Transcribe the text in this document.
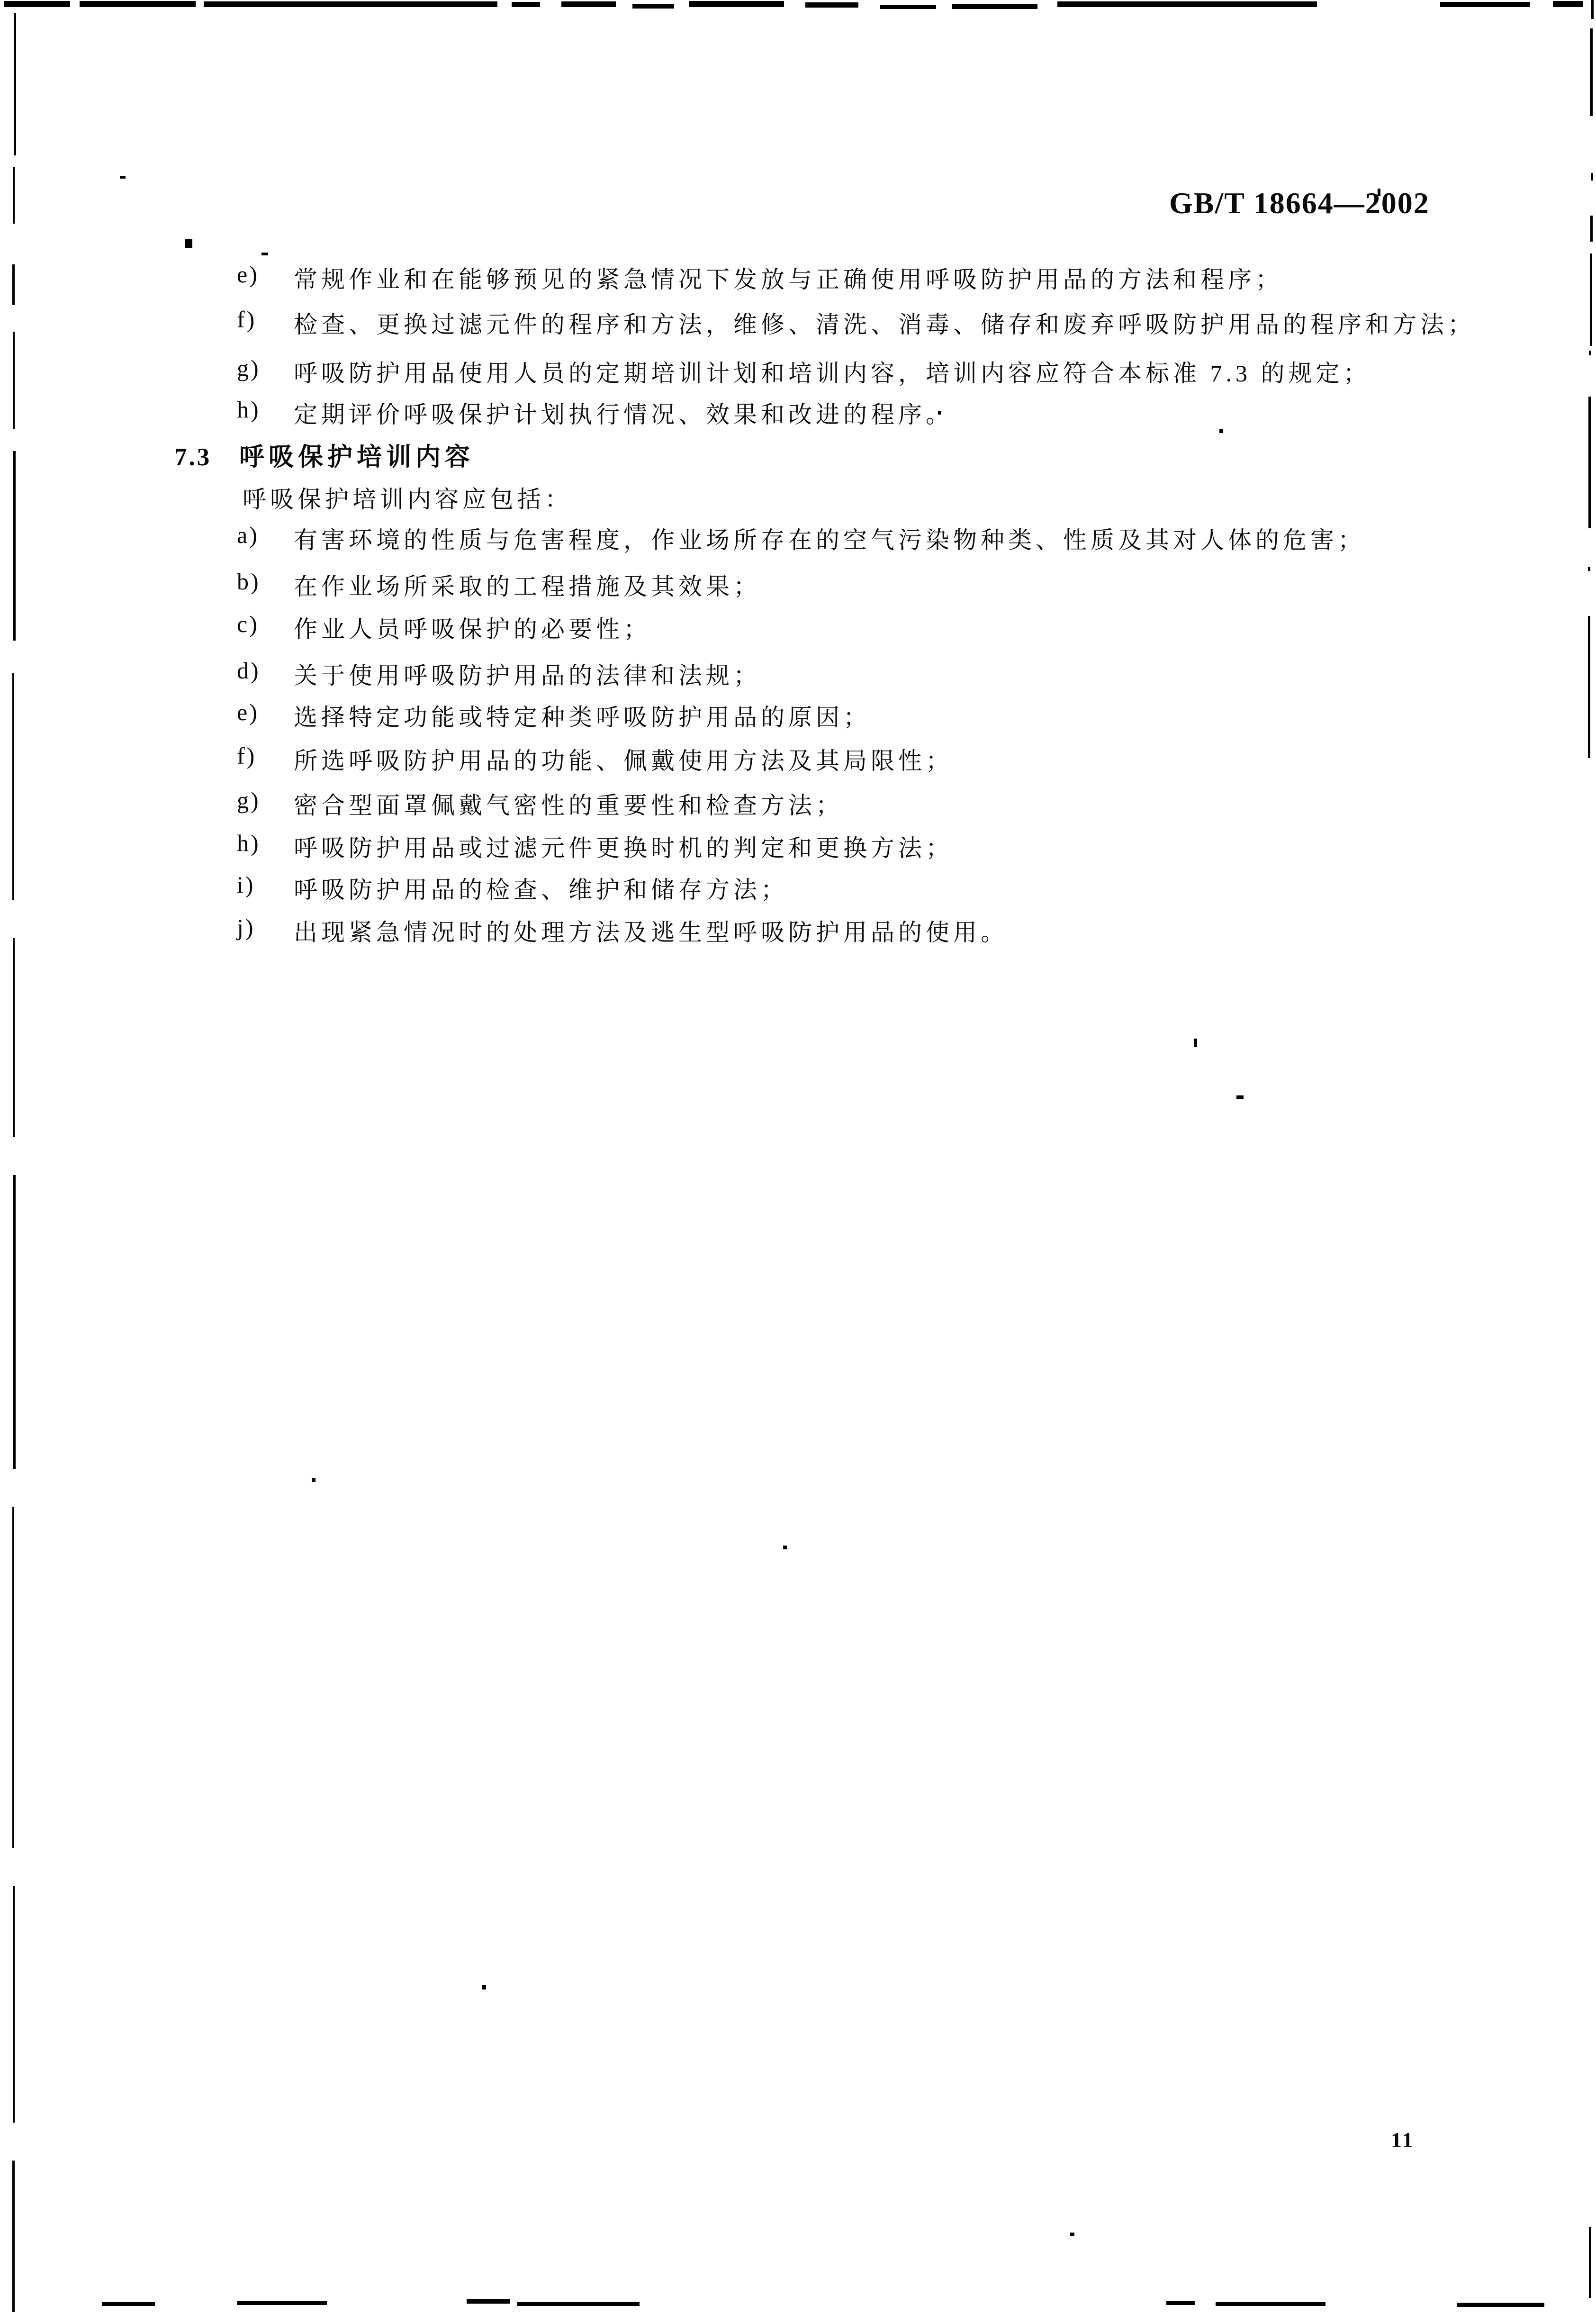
GB/T 18664—2002
e)	常规作业和在能够预见的紧急情况下发放与正确使用呼吸防护用品的方法和程序；
f)	检查、更换过滤元件的程序和方法，维修、清洗、消毒、储存和废弃呼吸防护用品的程序和方法；
g)	呼吸防护用品使用人员的定期培训计划和培训内容，培训内容应符合本标准 7.3 的规定；
h)	定期评价呼吸保护计划执行情况、效果和改进的程序。
7.3 呼吸保护培训内容
呼吸保护培训内容应包括：
a)	有害环境的性质与危害程度，作业场所存在的空气污染物种类、性质及其对人体的危害；
b)	在作业场所采取的工程措施及其效果；
c)	作业人员呼吸保护的必要性；
d)	关于使用呼吸防护用品的法律和法规；
e)	选择特定功能或特定种类呼吸防护用品的原因；
f)	所选呼吸防护用品的功能、佩戴使用方法及其局限性；
g)	密合型面罩佩戴气密性的重要性和检查方法；
h)	呼吸防护用品或过滤元件更换时机的判定和更换方法；
i)	呼吸防护用品的检查、维护和储存方法；
j)	出现紧急情况时的处理方法及逃生型呼吸防护用品的使用。
11
